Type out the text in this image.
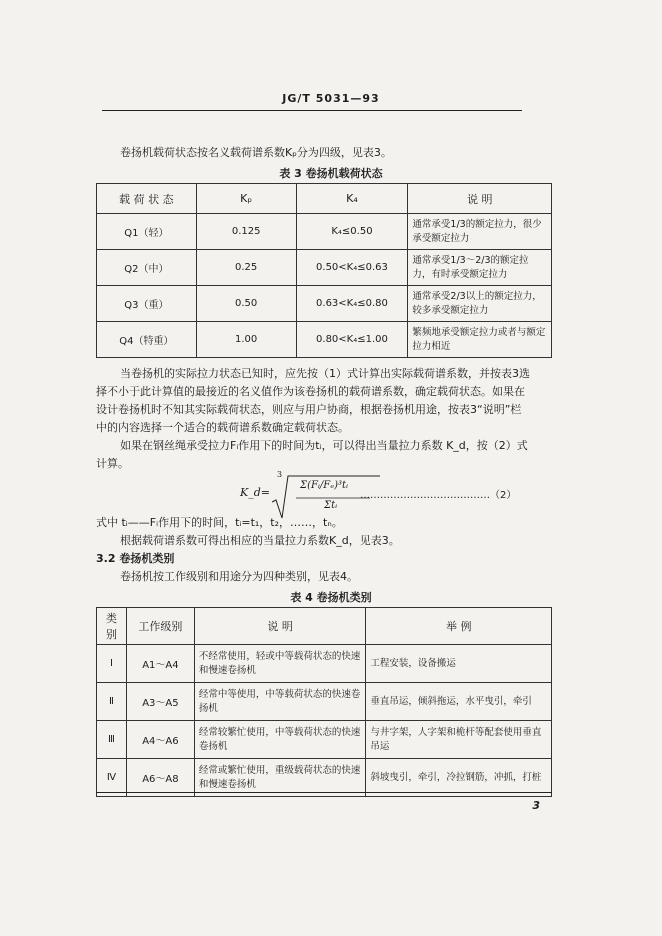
JG/T 5031—93
卷扬机载荷状态按名义载荷谱系数Kₚ分为四级，见表3。
表 3 卷扬机载荷状态
载 荷 状 态	Kₚ	K₄	说 明
Q1（轻）	0.125	K₄≤0.50	通常承受1/3的额定拉力，很少承受额定拉力
Q2（中）	0.25	0.50<K₄≤0.63	通常承受1/3～2/3的额定拉力，有时承受额定拉力
Q3（重）	0.50	0.63<K₄≤0.80	通常承受2/3以上的额定拉力，较多承受额定拉力
Q4（特重）	1.00	0.80<K₄≤1.00	繁频地承受额定拉力或者与额定拉力相近
当卷扬机的实际拉力状态已知时，应先按（1）式计算出实际载荷谱系数，并按表3选
择不小于此计算值的最接近的名义值作为该卷扬机的载荷谱系数，确定载荷状态。如果在
设计卷扬机时不知其实际载荷状态，则应与用户协商，根据卷扬机用途，按表3“说明”栏
中的内容选择一个适合的载荷谱系数确定载荷状态。
如果在钢丝绳承受拉力Fᵢ作用下的时间为tᵢ，可以得出当量拉力系数 K_d，按（2）式
计算。
K_d=
3
Σ(Fᵢ/Fₑ)³tᵢ
Σtᵢ
…………………………………（2）
式中 tᵢ——Fᵢ作用下的时间，tᵢ=t₁，t₂，……，tₙ。
根据载荷谱系数可得出相应的当量拉力系数K_d，见表3。
3.2 卷扬机类别
卷扬机按工作级别和用途分为四种类别，见表4。
表 4 卷扬机类别
类别	工作级别	说 明	举 例
Ⅰ	A1～A4	不经常使用，轻或中等载荷状态的快速和慢速卷扬机	工程安装，设备搬运
Ⅱ	A3～A5	经常中等使用，中等载荷状态的快速卷扬机	垂直吊运，倾斜拖运，水平曳引，牵引
Ⅲ	A4～A6	经常较繁忙使用，中等载荷状态的快速卷扬机	与井字架，人字架和桅杆等配套使用垂直吊运
Ⅳ	A6～A8	经常或繁忙使用，重级载荷状态的快速和慢速卷扬机	斜坡曳引，牵引，冷拉钢筋，冲抓，打桩
3
